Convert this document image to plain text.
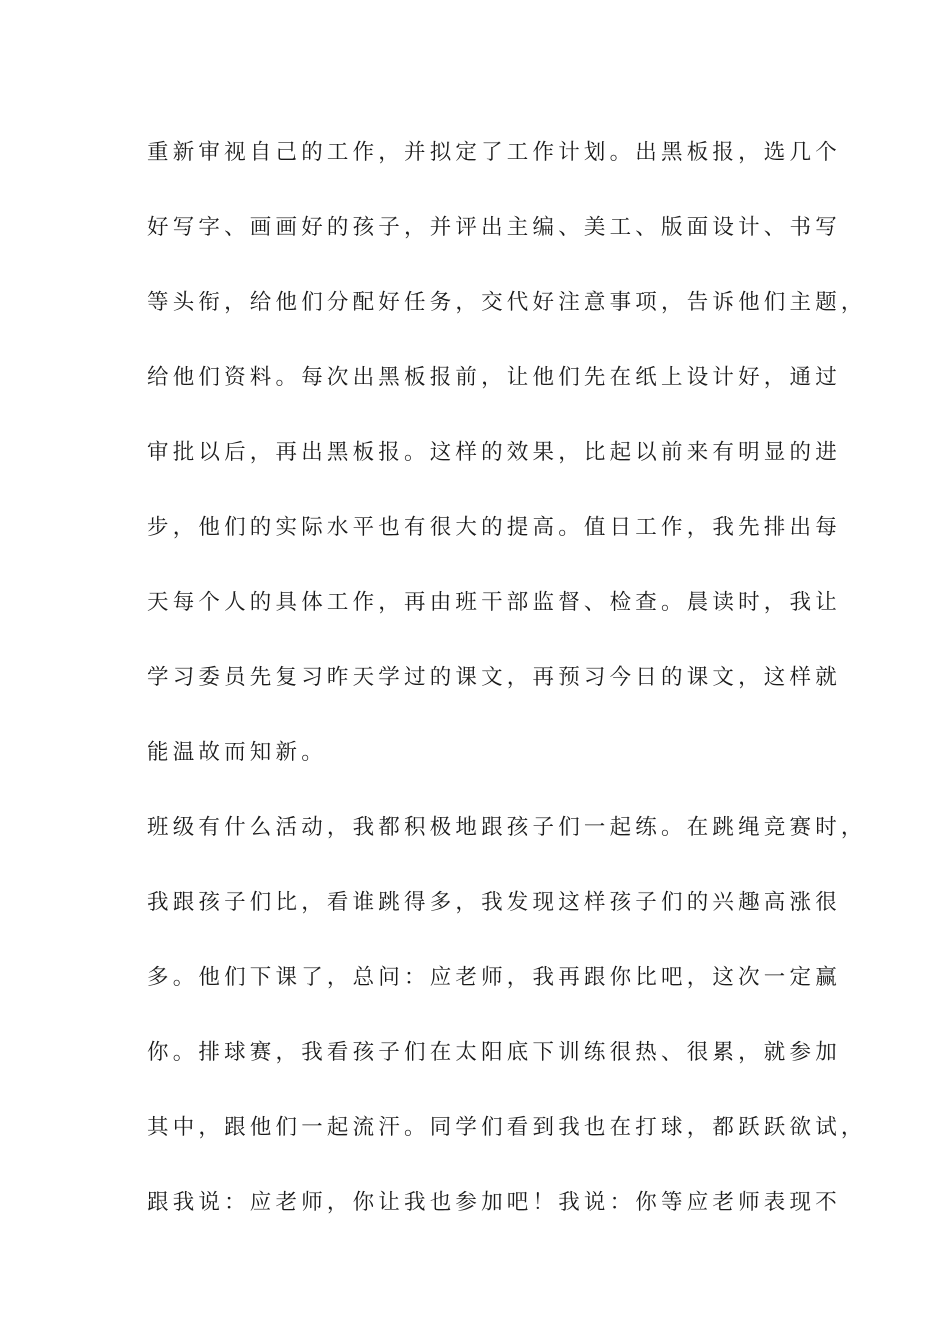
重新审视自己的工作，并拟定了工作计划。出黑板报，选几个

好写字、画画好的孩子，并评出主编、美工、版面设计、书写

等头衔，给他们分配好任务，交代好注意事项，告诉他们主题，

给他们资料。每次出黑板报前，让他们先在纸上设计好，通过

审批以后，再出黑板报。这样的效果，比起以前来有明显的进

步，他们的实际水平也有很大的提高。值日工作，我先排出每

天每个人的具体工作，再由班干部监督、检查。晨读时，我让

学习委员先复习昨天学过的课文，再预习今日的课文，这样就

能温故而知新。

班级有什么活动，我都积极地跟孩子们一起练。在跳绳竞赛时，

我跟孩子们比，看谁跳得多，我发现这样孩子们的兴趣高涨很

多。他们下课了，总问：应老师，我再跟你比吧，这次一定赢

你。排球赛，我看孩子们在太阳底下训练很热、很累，就参加

其中，跟他们一起流汗。同学们看到我也在打球，都跃跃欲试，

跟我说：应老师，你让我也参加吧！我说：你等应老师表现不
